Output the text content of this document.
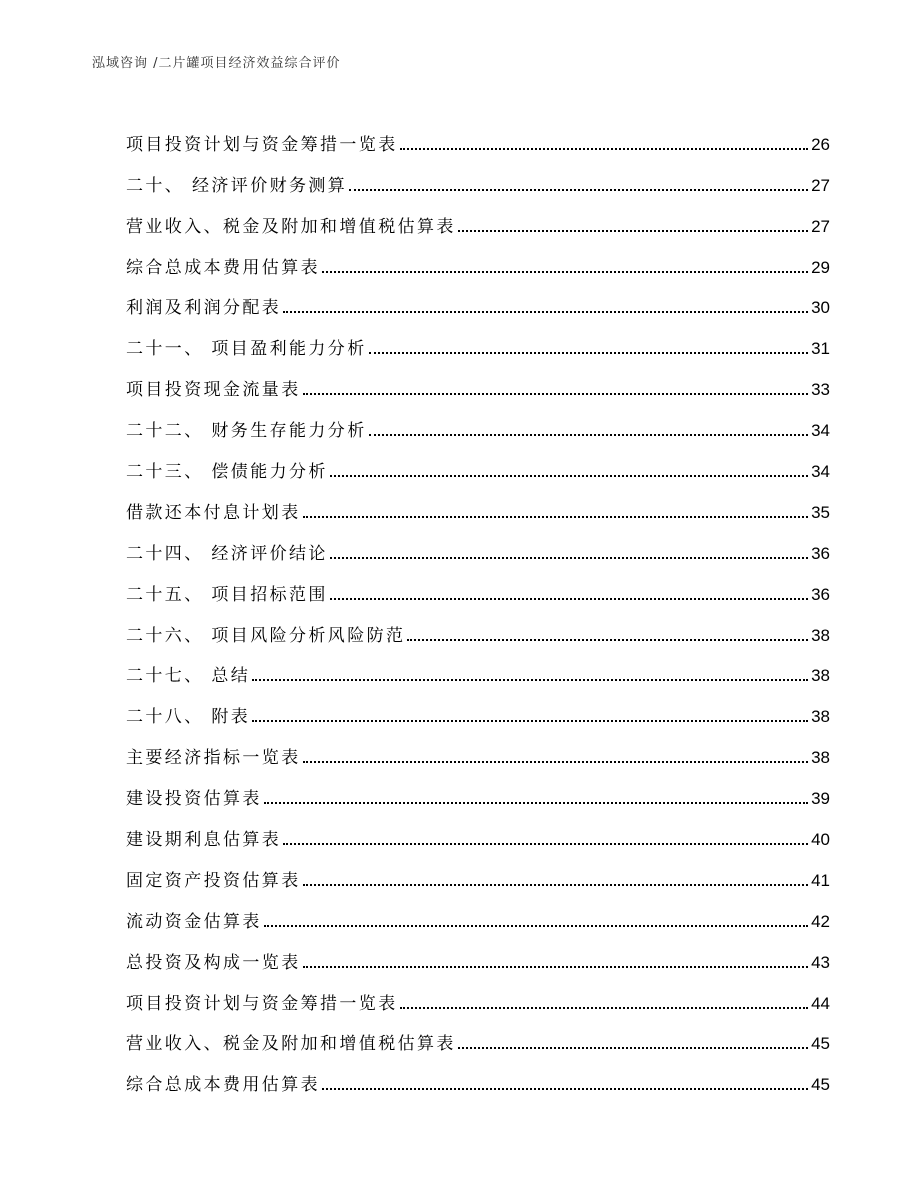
泓域咨询 /二片罐项目经济效益综合评价
项目投资计划与资金筹措一览表	26
二十、 经济评价财务测算	27
营业收入、税金及附加和增值税估算表	27
综合总成本费用估算表	29
利润及利润分配表	30
二十一、 项目盈利能力分析	31
项目投资现金流量表	33
二十二、 财务生存能力分析	34
二十三、 偿债能力分析	34
借款还本付息计划表	35
二十四、 经济评价结论	36
二十五、 项目招标范围	36
二十六、 项目风险分析风险防范	38
二十七、 总结	38
二十八、 附表	38
主要经济指标一览表	38
建设投资估算表	39
建设期利息估算表	40
固定资产投资估算表	41
流动资金估算表	42
总投资及构成一览表	43
项目投资计划与资金筹措一览表	44
营业收入、税金及附加和增值税估算表	45
综合总成本费用估算表	45
